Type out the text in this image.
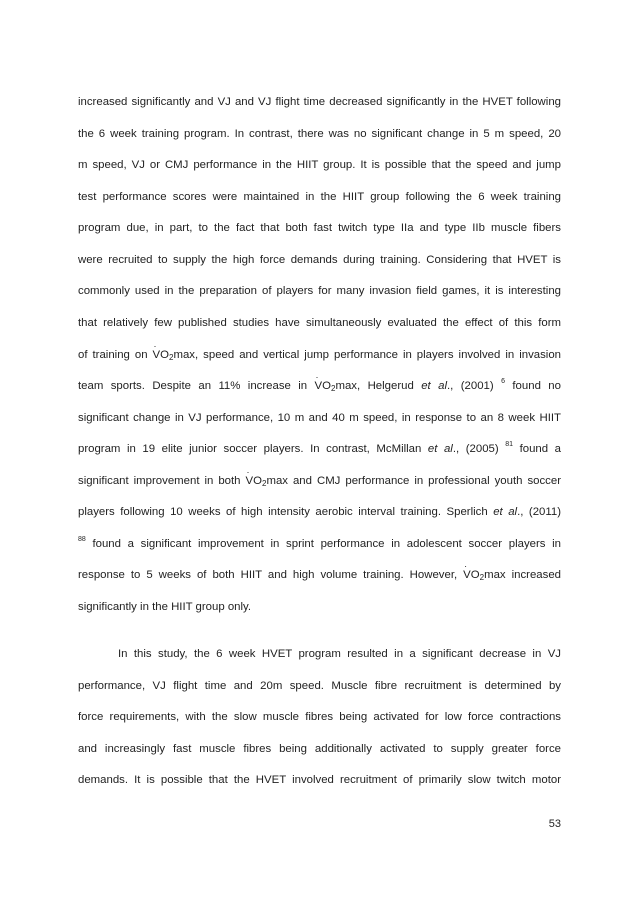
increased significantly and VJ and VJ flight time decreased significantly in the HVET following
the 6 week training program. In contrast, there was no significant change in 5 m speed, 20
m speed, VJ or CMJ performance in the HIIT group. It is possible that the speed and jump
test performance scores were maintained in the HIIT group following the 6 week training
program due, in part, to the fact that both fast twitch type IIa and type IIb muscle fibers
were recruited to supply the high force demands during training. Considering that HVET is
commonly used in the preparation of players for many invasion field games, it is interesting
that relatively few published studies have simultaneously evaluated the effect of this form
of training on
·
$VO_2\max$, speed and vertical jump performance in players involved in invasion
team sports. Despite an 11% increase in
·
$VO_2\max$, Helgerud et al., (2001) $^6$ found no
significant change in VJ performance, 10 m and 40 m speed, in response to an 8 week HIIT
program in 19 elite junior soccer players. In contrast, McMillan et al., (2005) $^{81}$ found a
significant improvement in both
·
$VO_2\max$ and CMJ performance in professional youth soccer
players following 10 weeks of high intensity aerobic interval training. Sperlich et al., (2011)
$^{88}$ found a significant improvement in sprint performance in adolescent soccer players in
response to 5 weeks of both HIIT and high volume training. However,
·
$VO_2\max$ increased
significantly in the HIIT group only.
In this study, the 6 week HVET program resulted in a significant decrease in VJ
performance, VJ flight time and 20m speed. Muscle fibre recruitment is determined by
force requirements, with the slow muscle fibres being activated for low force contractions
and increasingly fast muscle fibres being additionally activated to supply greater force
demands. It is possible that the HVET involved recruitment of primarily slow twitch motor
53
